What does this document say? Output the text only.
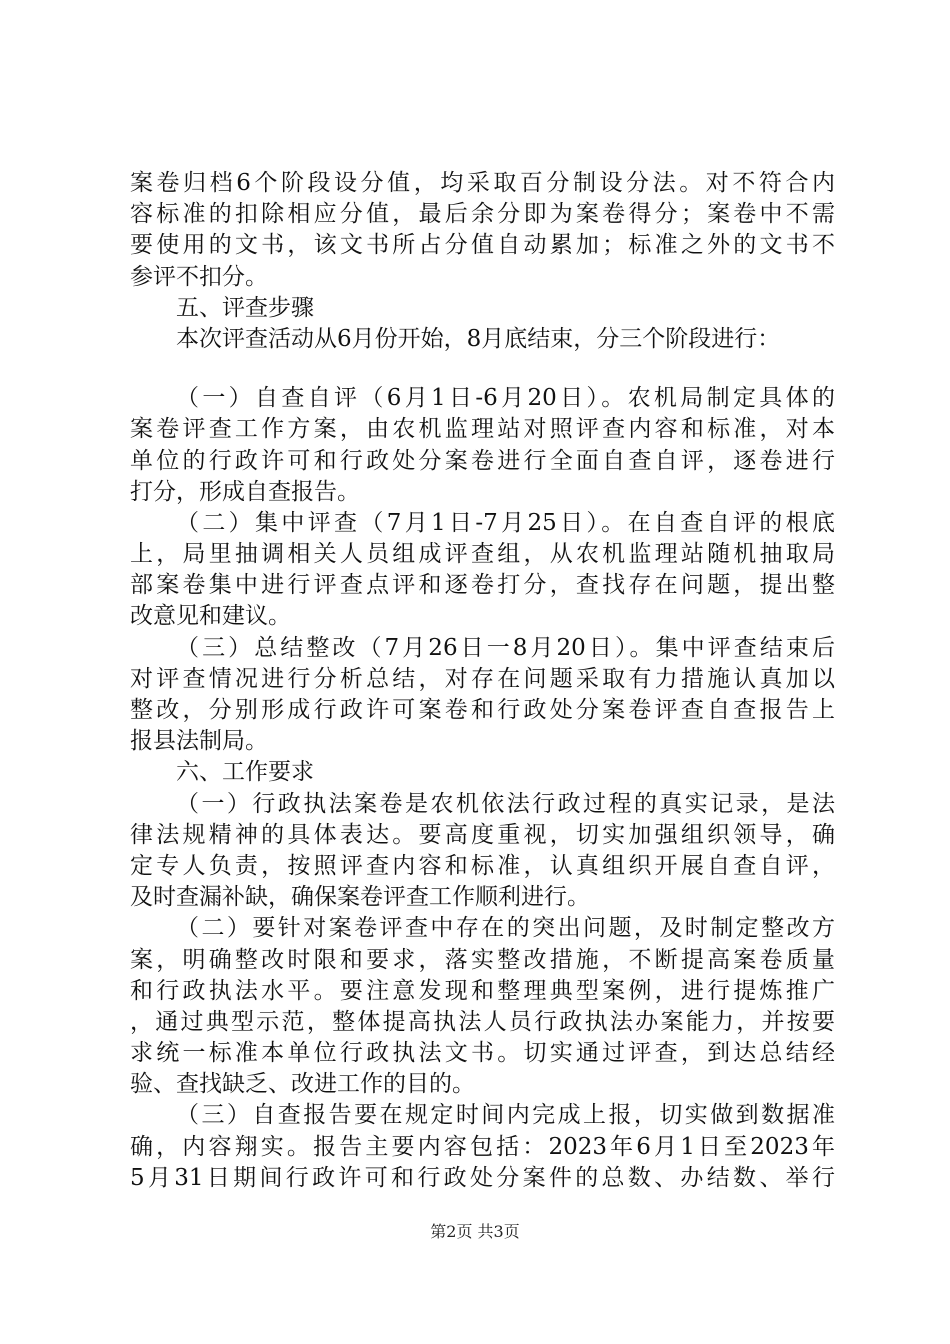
案卷归档6个阶段设分值，均采取百分制设分法。对不符合内
容标准的扣除相应分值，最后余分即为案卷得分；案卷中不需
要使用的文书，该文书所占分值自动累加；标准之外的文书不
参评不扣分。
五、评查步骤
本次评查活动从6月份开始，8月底结束，分三个阶段进行：
（一）自查自评（6月1日-6月20日）。农机局制定具体的
案卷评查工作方案，由农机监理站对照评查内容和标准，对本
单位的行政许可和行政处分案卷进行全面自查自评，逐卷进行
打分，形成自查报告。
（二）集中评查（7月1日-7月25日）。在自查自评的根底
上，局里抽调相关人员组成评查组，从农机监理站随机抽取局
部案卷集中进行评查点评和逐卷打分，查找存在问题，提出整
改意见和建议。
（三）总结整改（7月26日一8月20日）。集中评查结束后
对评查情况进行分析总结，对存在问题采取有力措施认真加以
整改，分别形成行政许可案卷和行政处分案卷评查自查报告上
报县法制局。
六、工作要求
（一）行政执法案卷是农机依法行政过程的真实记录，是法
律法规精神的具体表达。要高度重视，切实加强组织领导，确
定专人负责，按照评查内容和标准，认真组织开展自查自评，
及时查漏补缺，确保案卷评查工作顺利进行。
（二）要针对案卷评查中存在的突出问题，及时制定整改方
案，明确整改时限和要求，落实整改措施，不断提高案卷质量
和行政执法水平。要注意发现和整理典型案例，进行提炼推广
，通过典型示范，整体提高执法人员行政执法办案能力，并按要
求统一标准本单位行政执法文书。切实通过评查，到达总结经
验、查找缺乏、改进工作的目的。
（三）自查报告要在规定时间内完成上报，切实做到数据准
确，内容翔实。报告主要内容包括：2023年6月1日至2023年
5月31日期间行政许可和行政处分案件的总数、办结数、举行
第2页 共3页
